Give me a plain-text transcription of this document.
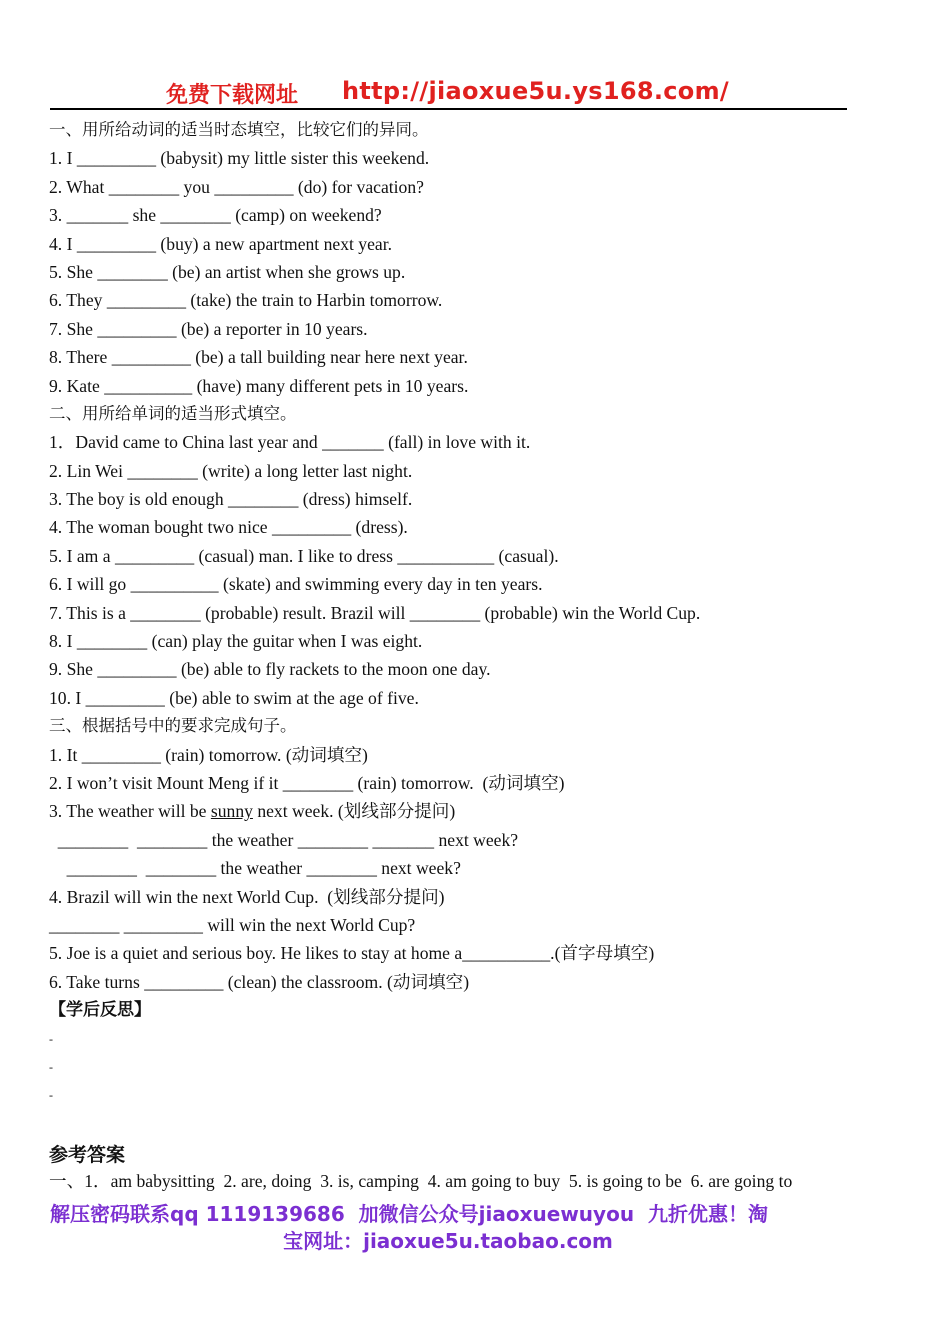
免费下载网址 http://jiaoxue5u.ys168.com/
一、用所给动词的适当时态填空，比较它们的异同。
1. I _________ (babysit) my little sister this weekend.
2. What ________ you _________ (do) for vacation?
3. _______ she ________ (camp) on weekend?
4. I _________ (buy) a new apartment next year.
5. She ________ (be) an artist when she grows up.
6. They _________ (take) the train to Harbin tomorrow.
7. She _________ (be) a reporter in 10 years.
8. There _________ (be) a tall building near here next year.
9. Kate __________ (have) many different pets in 10 years.
二、用所给单词的适当形式填空。
1．David came to China last year and _______ (fall) in love with it.
2. Lin Wei ________ (write) a long letter last night.
3. The boy is old enough ________ (dress) himself.
4. The woman bought two nice _________ (dress).
5. I am a _________ (casual) man. I like to dress ___________ (casual).
6. I will go __________ (skate) and swimming every day in ten years.
7. This is a ________ (probable) result. Brazil will ________ (probable) win the World Cup.
8. I ________ (can) play the guitar when I was eight.
9. She _________ (be) able to fly rackets to the moon one day.
10. I _________ (be) able to swim at the age of five.
三、根据括号中的要求完成句子。
1. It _________ (rain) tomorrow. (动词填空)
2. I won’t visit Mount Meng if it ________ (rain) tomorrow.  (动词填空)
3. The weather will be sunny next week. (划线部分提问)
________  ________ the weather ________ _______ next week?
________  ________ the weather ________ next week?
4. Brazil will win the next World Cup.  (划线部分提问)
________ _________ will win the next World Cup?
5. Joe is a quiet and serious boy. He likes to stay at home a__________.(首字母填空)
6. Take turns _________ (clean) the classroom. (动词填空)
【学后反思】
-
-
-
参考答案
一、1．am babysitting  2. are, doing  3. is, camping  4. am going to buy  5. is going to be  6. are going to
解压密码联系qq 1119139686  加微信公众号jiaoxuewuyou  九折优惠！淘
宝网址：jiaoxue5u.taobao.com
